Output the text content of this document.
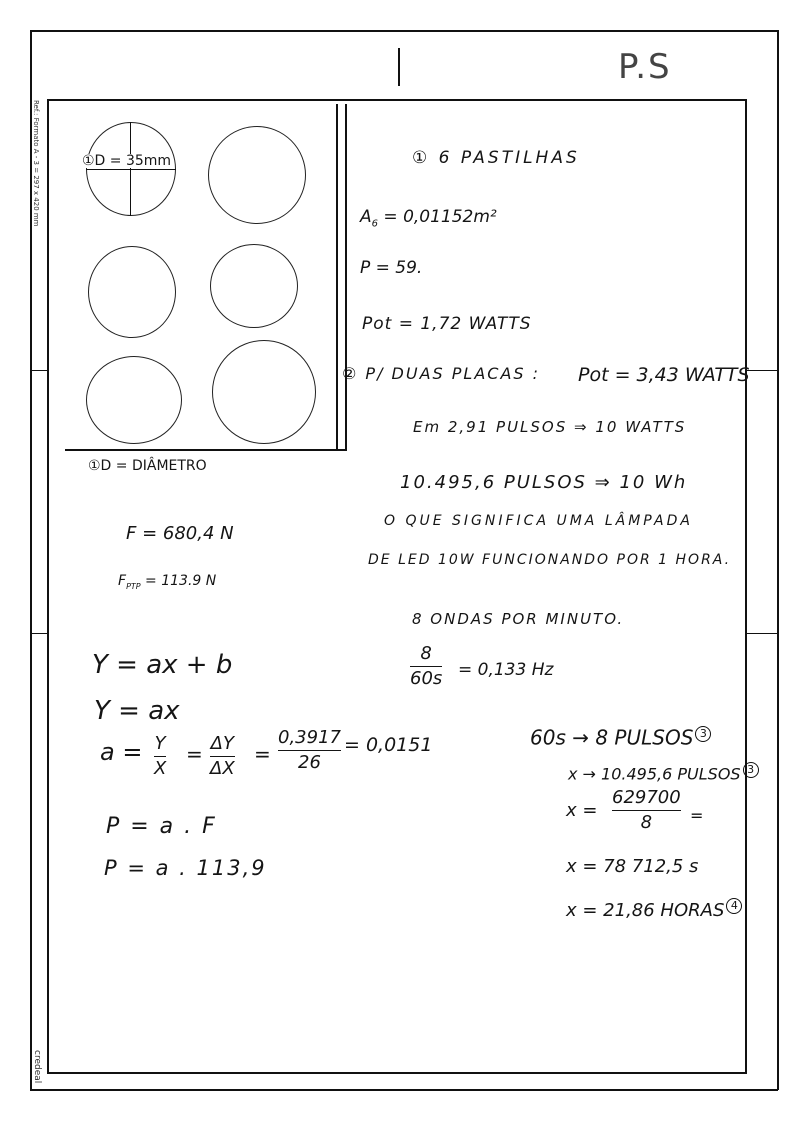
Ref.: Formato A - 3 = 297 x 420 mm
credeal
P.S
①D = 35mm
①D = DIÂMETRO
F = 680,4 N
$F_{PTP} = 113.9$ N
Y = ax + b
Y = ax
a = Y
X
= ΔY
ΔX
=
0,3917
26
= 0,0151
P = a . F
P = a . 113,9
① 6 PASTILHAS
$A_6 = 0,01152m^2$
P = 59.
Pot = 1,72 WATTS
② P/ DUAS PLACAS : Pot = 3,43 WATTS
Em 2,91 PULSOS ⇒ 10 WATTS
10.495,6 PULSOS ⇒ 10 Wh
O QUE SIGNIFICA UMA LÂMPADA
DE LED 10W FUNCIONANDO POR 1 HORA.
8 ONDAS POR MINUTO.
8
60s = 0,133 Hz
60s → 8 PULSOS 3
x → 10.495,6 PULSOS 3
x =
629700
8 =
x = 78 712,5 s
x = 21,86 HORAS 4
